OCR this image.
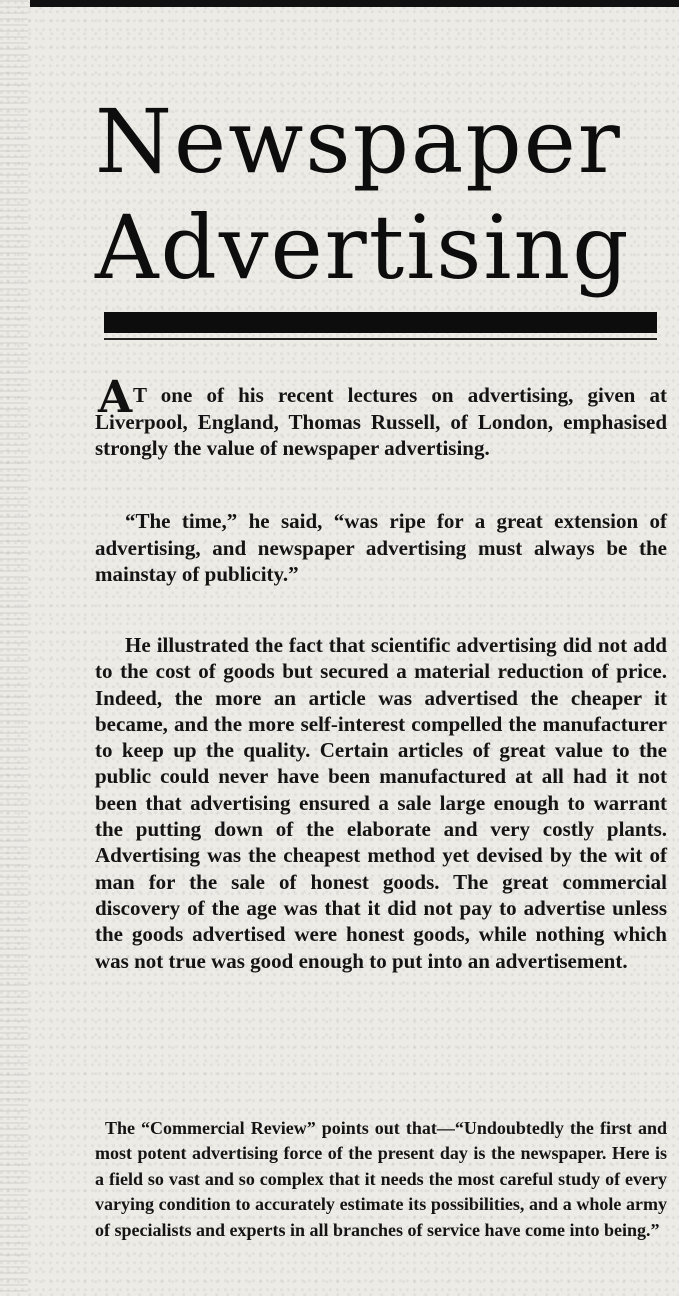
Newspaper
Advertising
A T one of his recent lectures on advertising, given at Liverpool, England, Thomas Russell, of London, emphasised strongly the value of newspaper advertising.

“The time,” he said, “was ripe for a great extension of advertising, and newspaper advertising must always be the mainstay of publicity.”

He illustrated the fact that scientific advertising did not add to the cost of goods but secured a material reduction of price. Indeed, the more an article was advertised the cheaper it became, and the more self-interest compelled the manufacturer to keep up the quality. Certain articles of great value to the public could never have been manufactured at all had it not been that advertising ensured a sale large enough to warrant the putting down of the elaborate and very costly plants. Advertising was the cheapest method yet devised by the wit of man for the sale of honest goods. The great commercial discovery of the age was that it did not pay to advertise unless the goods advertised were honest goods, while nothing which was not true was good enough to put into an advertisement.

The “Commercial Review” points out that—“Undoubtedly the first and most potent advertising force of the present day is the newspaper. Here is a field so vast and so complex that it needs the most careful study of every varying condition to accurately estimate its possibilities, and a whole army of specialists and experts in all branches of service have come into being.”
